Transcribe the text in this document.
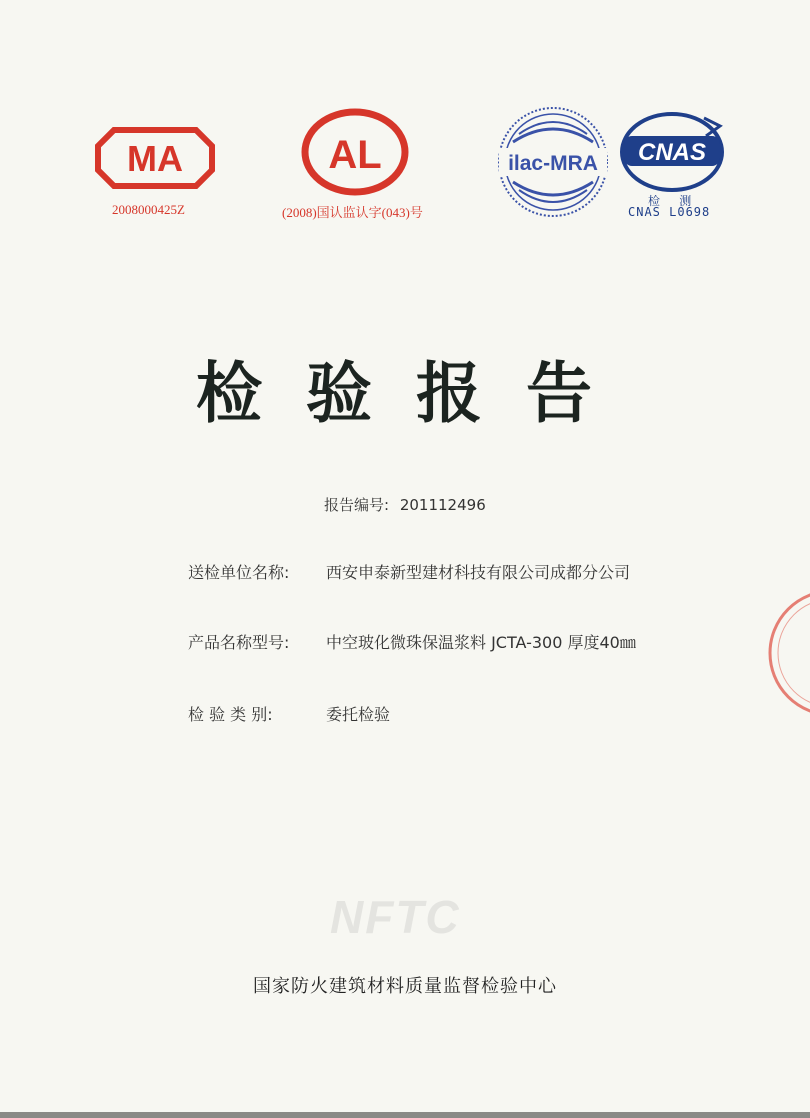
MA
2008000425Z
AL
(2008)国认监认字(043)号
ilac-MRA CNAS
检 测
CNAS L0698
检验报告
报告编号: 201112496
送检单位名称: 西安申泰新型建材科技有限公司成都分公司
产品名称型号: 中空玻化微珠保温浆料 JCTA-300 厚度40㎜
检 验 类 别:	委托检验
NFTC
国家防火建筑材料质量监督检验中心
